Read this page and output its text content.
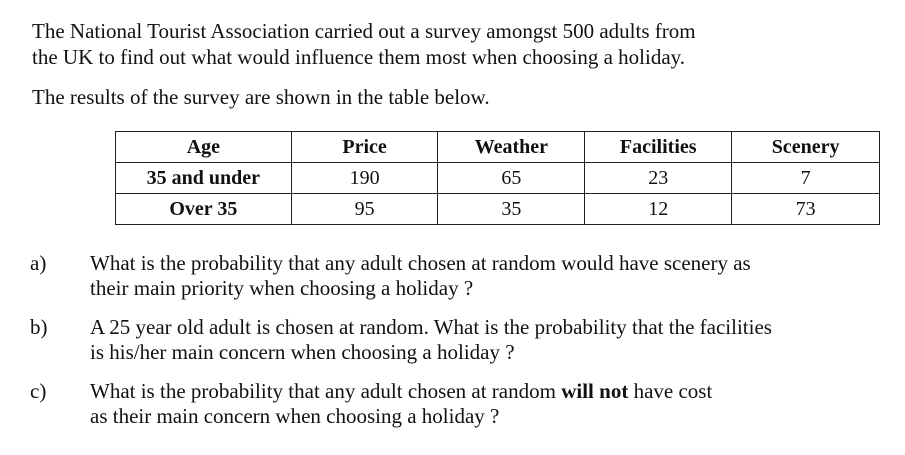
The National Tourist Association carried out a survey amongst 500 adults from

the UK to find out what would influence them most when choosing a holiday.

The results of the survey are shown in the table below.

Age	Price	Weather	Facilities	Scenery
35 and under	190	65	23	7
Over 35	95	35	12	73
a) What is the probability that any adult chosen at random would have scenery as
their main priority when choosing a holiday ?
b) A 25 year old adult is chosen at random. What is the probability that the facilities
is his/her main concern when choosing a holiday ?
c) What is the probability that any adult chosen at random will not have cost
as their main concern when choosing a holiday ?
